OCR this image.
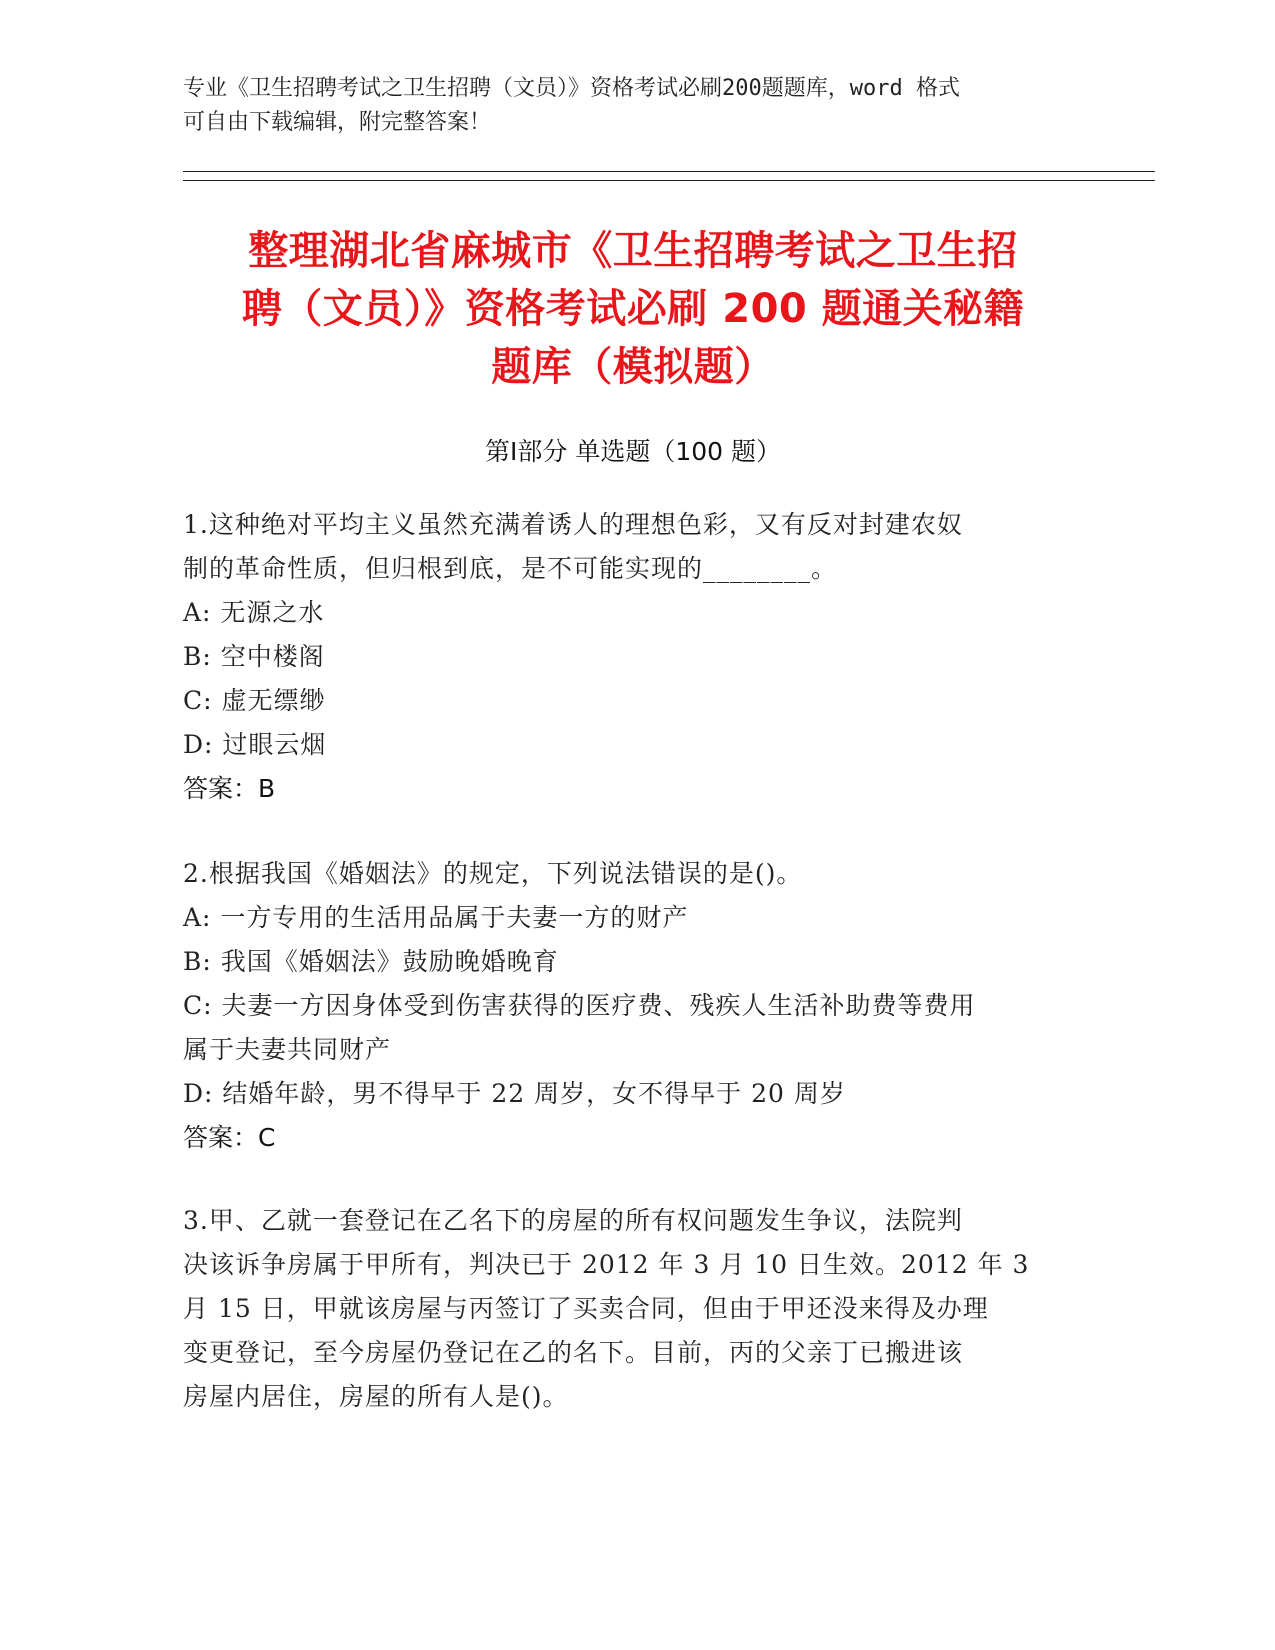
专业《卫生招聘考试之卫生招聘（文员）》资格考试必刷200题题库，word 格式
可自由下载编辑，附完整答案！
整理湖北省麻城市《卫生招聘考试之卫生招
聘（文员）》资格考试必刷 200 题通关秘籍
题库（模拟题）
第Ⅰ部分 单选题（100 题）
1.这种绝对平均主义虽然充满着诱人的理想色彩，又有反对封建农奴
制的革命性质，但归根到底，是不可能实现的________。
A: 无源之水
B: 空中楼阁
C: 虚无缥缈
D: 过眼云烟
答案：B
2.根据我国《婚姻法》的规定，下列说法错误的是()。
A: 一方专用的生活用品属于夫妻一方的财产
B: 我国《婚姻法》鼓励晚婚晚育
C: 夫妻一方因身体受到伤害获得的医疗费、残疾人生活补助费等费用
属于夫妻共同财产
D: 结婚年龄，男不得早于 22 周岁，女不得早于 20 周岁
答案：C
3.甲、乙就一套登记在乙名下的房屋的所有权问题发生争议，法院判
决该诉争房属于甲所有，判决已于 2012 年 3 月 10 日生效。2012 年 3
月 15 日，甲就该房屋与丙签订了买卖合同，但由于甲还没来得及办理
变更登记，至今房屋仍登记在乙的名下。目前，丙的父亲丁已搬进该
房屋内居住，房屋的所有人是()。
